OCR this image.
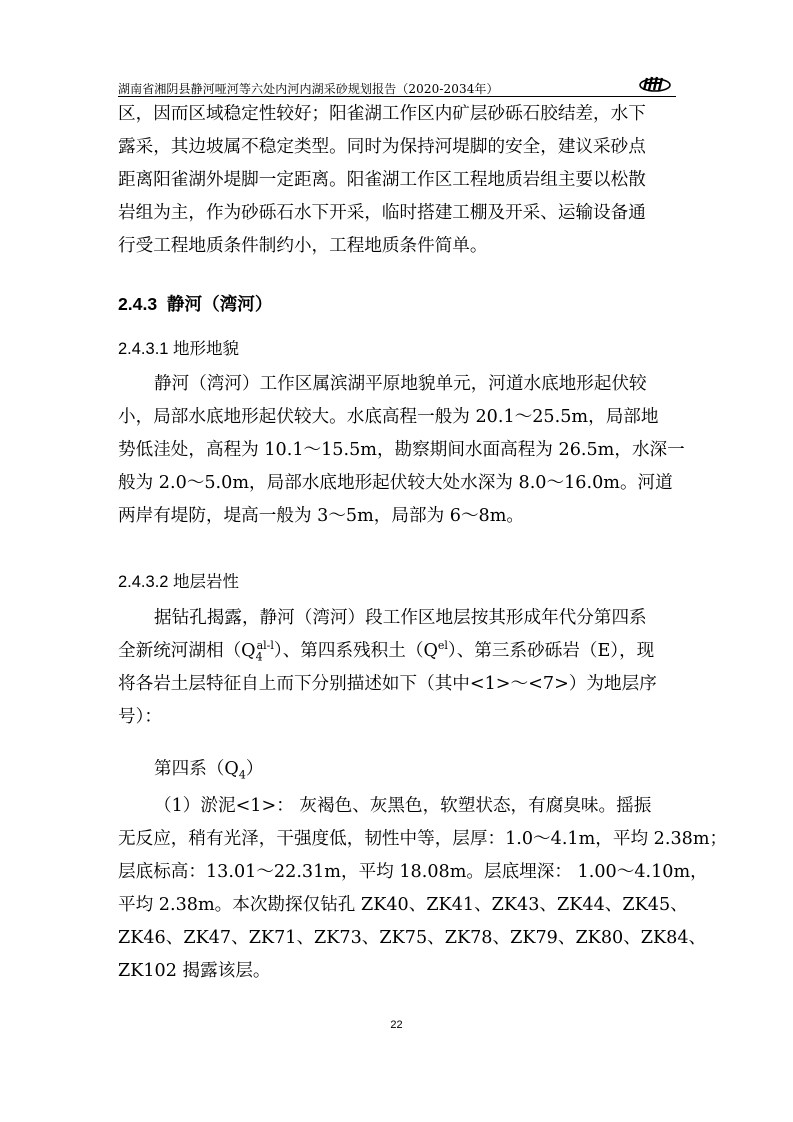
湖南省湘阴县静河哑河等六处内河内湖采砂规划报告（2020-2034年）
区，因而区域稳定性较好；阳雀湖工作区内矿层砂砾石胶结差，水下
露采，其边坡属不稳定类型。同时为保持河堤脚的安全，建议采砂点
距离阳雀湖外堤脚一定距离。阳雀湖工作区工程地质岩组主要以松散
岩组为主，作为砂砾石水下开采，临时搭建工棚及开采、运输设备通
行受工程地质条件制约小，工程地质条件简单。
2.4.3 静河（湾河）
2.4.3.1 地形地貌
静河（湾河）工作区属滨湖平原地貌单元，河道水底地形起伏较
小，局部水底地形起伏较大。水底高程一般为 20.1～25.5m，局部地
势低洼处，高程为 10.1～15.5m，勘察期间水面高程为 26.5m，水深一
般为 2.0～5.0m，局部水底地形起伏较大处水深为 8.0～16.0m。河道
两岸有堤防，堤高一般为 3～5m，局部为 6～8m。
2.4.3.2 地层岩性
据钻孔揭露，静河（湾河）段工作区地层按其形成年代分第四系
全新统河湖相$(Q_4^{al-l})$、第四系残积土$(Q^{el})$、第三系砂砾岩（E），现
将各岩土层特征自上而下分别描述如下（其中<1>～<7>）为地层序
号）：
第四系$(Q_4)$
（1）淤泥<1>： 灰褐色、灰黑色，软塑状态，有腐臭味。摇振
无反应，稍有光泽，干强度低，韧性中等，层厚：1.0～4.1m，平均 2.38m；
层底标高：13.01～22.31m，平均 18.08m。层底埋深： 1.00～4.10m，
平均 2.38m。本次勘探仅钻孔 ZK40、ZK41、ZK43、ZK44、ZK45、
ZK46、ZK47、ZK71、ZK73、ZK75、ZK78、ZK79、ZK80、ZK84、
ZK102 揭露该层。
22
